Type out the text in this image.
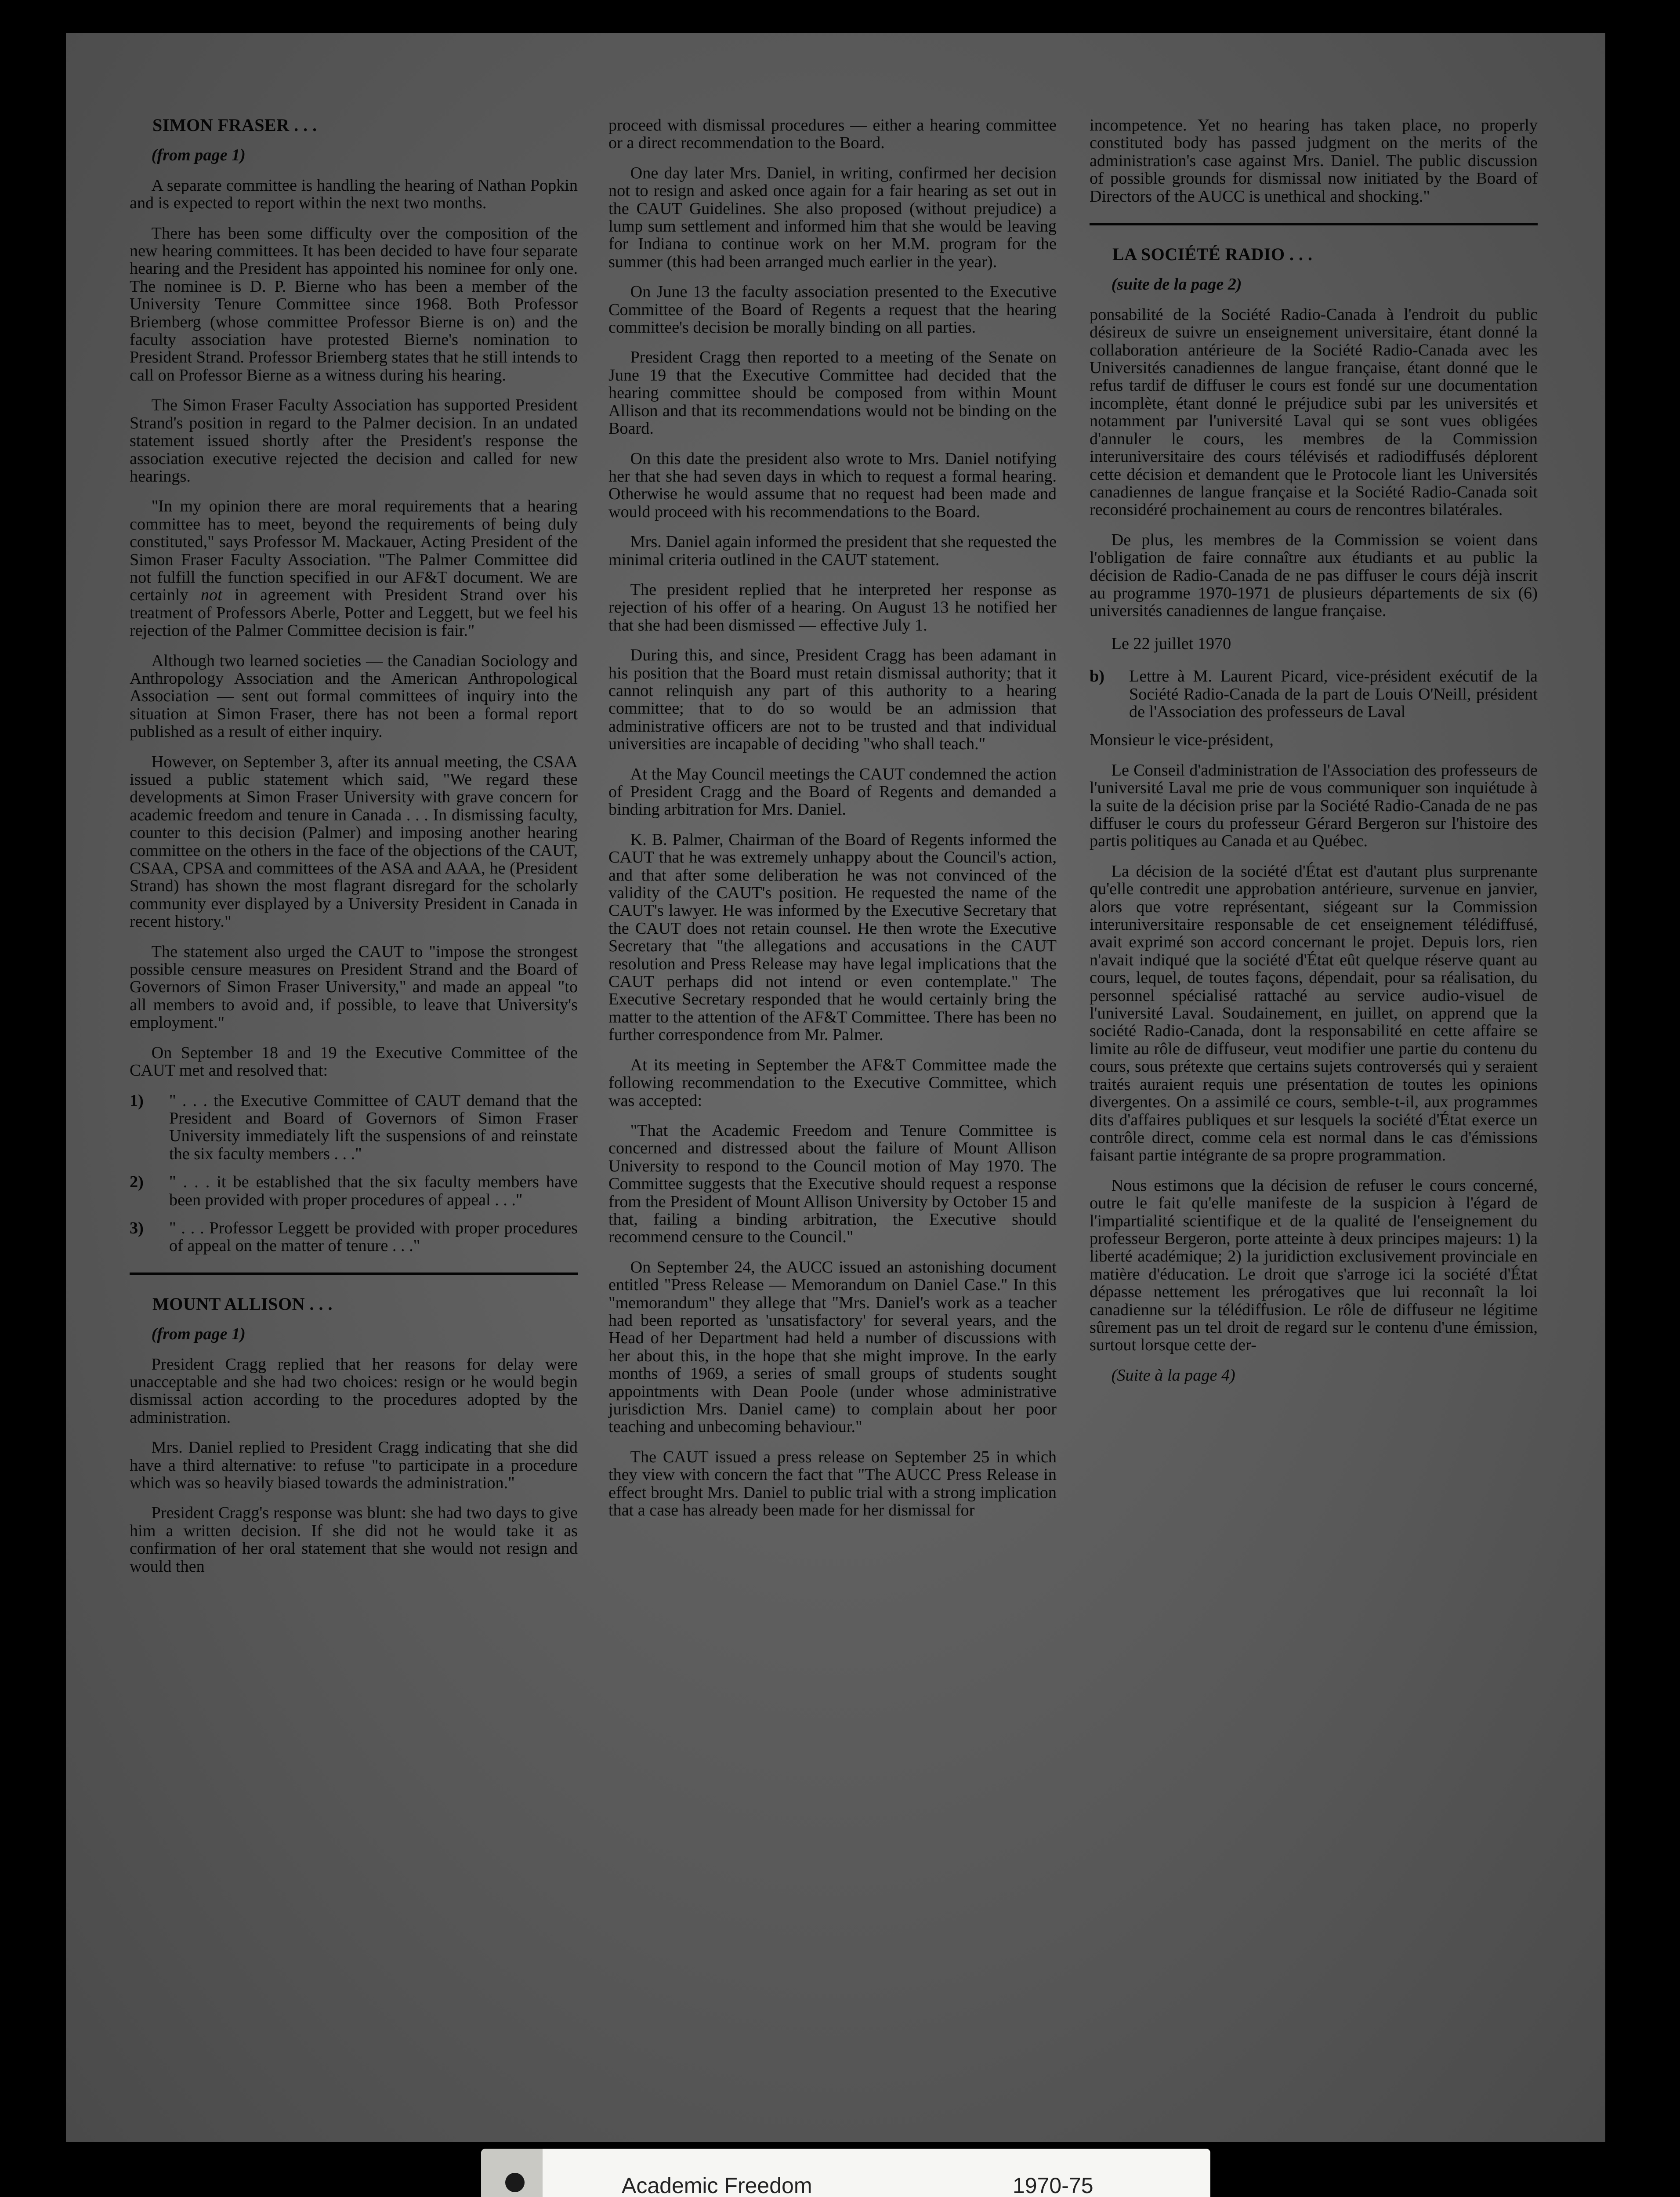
SIMON FRASER . . .

(from page 1)

A separate committee is handling the hearing of Nathan Popkin and is expected to report within the next two months.

There has been some difficulty over the composition of the new hearing committees. It has been decided to have four separate hearing and the President has appointed his nominee for only one. The nominee is D. P. Bierne who has been a member of the University Tenure Committee since 1968. Both Professor Briemberg (whose committee Professor Bierne is on) and the faculty association have protested Bierne's nomination to President Strand. Professor Briemberg states that he still intends to call on Professor Bierne as a witness during his hearing.

The Simon Fraser Faculty Association has supported President Strand's position in regard to the Palmer decision. In an undated statement issued shortly after the President's response the association executive rejected the decision and called for new hearings.

"In my opinion there are moral requirements that a hearing committee has to meet, beyond the requirements of being duly constituted," says Professor M. Mackauer, Acting President of the Simon Fraser Faculty Association. "The Palmer Committee did not fulfill the function specified in our AF&T document. We are certainly not in agreement with President Strand over his treatment of Professors Aberle, Potter and Leggett, but we feel his rejection of the Palmer Committee decision is fair."

Although two learned societies — the Canadian Sociology and Anthropology Association and the American Anthropological Association — sent out formal committees of inquiry into the situation at Simon Fraser, there has not been a formal report published as a result of either inquiry.

However, on September 3, after its annual meeting, the CSAA issued a public statement which said, "We regard these developments at Simon Fraser University with grave concern for academic freedom and tenure in Canada . . . In dismissing faculty, counter to this decision (Palmer) and imposing another hearing committee on the others in the face of the objections of the CAUT, CSAA, CPSA and committees of the ASA and AAA, he (President Strand) has shown the most flagrant disregard for the scholarly community ever displayed by a University President in Canada in recent history."

The statement also urged the CAUT to "impose the strongest possible censure measures on President Strand and the Board of Governors of Simon Fraser University," and made an appeal "to all members to avoid and, if possible, to leave that University's employment."

On September 18 and 19 the Executive Committee of the CAUT met and resolved that:

1)	" . . . the Executive Committee of CAUT demand that the President and Board of Governors of Simon Fraser University immediately lift the suspensions of and reinstate the six faculty members . . ."
2)	" . . . it be established that the six faculty members have been provided with proper procedures of appeal . . ."
3)	" . . . Professor Leggett be provided with proper procedures of appeal on the matter of tenure . . ."

MOUNT ALLISON . . .

(from page 1)

President Cragg replied that her reasons for delay were unacceptable and she had two choices: resign or he would begin dismissal action according to the procedures adopted by the administration.

Mrs. Daniel replied to President Cragg indicating that she did have a third alternative: to refuse "to participate in a procedure which was so heavily biased towards the administration."

President Cragg's response was blunt: she had two days to give him a written decision. If she did not he would take it as confirmation of her oral statement that she would not resign and would then

proceed with dismissal procedures — either a hearing committee or a direct recommendation to the Board.

One day later Mrs. Daniel, in writing, confirmed her decision not to resign and asked once again for a fair hearing as set out in the CAUT Guidelines. She also proposed (without prejudice) a lump sum settlement and informed him that she would be leaving for Indiana to continue work on her M.M. program for the summer (this had been arranged much earlier in the year).

On June 13 the faculty association presented to the Executive Committee of the Board of Regents a request that the hearing committee's decision be morally binding on all parties.

President Cragg then reported to a meeting of the Senate on June 19 that the Executive Committee had decided that the hearing committee should be composed from within Mount Allison and that its recommendations would not be binding on the Board.

On this date the president also wrote to Mrs. Daniel notifying her that she had seven days in which to request a formal hearing. Otherwise he would assume that no request had been made and would proceed with his recommendations to the Board.

Mrs. Daniel again informed the president that she requested the minimal criteria outlined in the CAUT statement.

The president replied that he interpreted her response as rejection of his offer of a hearing. On August 13 he notified her that she had been dismissed — effective July 1.

During this, and since, President Cragg has been adamant in his position that the Board must retain dismissal authority; that it cannot relinquish any part of this authority to a hearing committee; that to do so would be an admission that administrative officers are not to be trusted and that individual universities are incapable of deciding "who shall teach."

At the May Council meetings the CAUT condemned the action of President Cragg and the Board of Regents and demanded a binding arbitration for Mrs. Daniel.

K. B. Palmer, Chairman of the Board of Regents informed the CAUT that he was extremely unhappy about the Council's action, and that after some deliberation he was not convinced of the validity of the CAUT's position. He requested the name of the CAUT's lawyer. He was informed by the Executive Secretary that the CAUT does not retain counsel. He then wrote the Executive Secretary that "the allegations and accusations in the CAUT resolution and Press Release may have legal implications that the CAUT perhaps did not intend or even contemplate." The Executive Secretary responded that he would certainly bring the matter to the attention of the AF&T Committee. There has been no further correspondence from Mr. Palmer.

At its meeting in September the AF&T Committee made the following recommendation to the Executive Committee, which was accepted:

"That the Academic Freedom and Tenure Committee is concerned and distressed about the failure of Mount Allison University to respond to the Council motion of May 1970. The Committee suggests that the Executive should request a response from the President of Mount Allison University by October 15 and that, failing a binding arbitration, the Executive should recommend censure to the Council."

On September 24, the AUCC issued an astonishing document entitled "Press Release — Memorandum on Daniel Case." In this "memorandum" they allege that "Mrs. Daniel's work as a teacher had been reported as 'unsatisfactory' for several years, and the Head of her Department had held a number of discussions with her about this, in the hope that she might improve. In the early months of 1969, a series of small groups of students sought appointments with Dean Poole (under whose administrative jurisdiction Mrs. Daniel came) to complain about her poor teaching and unbecoming behaviour."

The CAUT issued a press release on September 25 in which they view with concern the fact that "The AUCC Press Release in effect brought Mrs. Daniel to public trial with a strong implication that a case has already been made for her dismissal for

incompetence. Yet no hearing has taken place, no properly constituted body has passed judgment on the merits of the administration's case against Mrs. Daniel. The public discussion of possible grounds for dismissal now initiated by the Board of Directors of the AUCC is unethical and shocking."

LA SOCIÉTÉ RADIO . . .

(suite de la page 2)

ponsabilité de la Société Radio-Canada à l'endroit du public désireux de suivre un enseignement universitaire, étant donné la collaboration antérieure de la Société Radio-Canada avec les Universités canadiennes de langue française, étant donné que le refus tardif de diffuser le cours est fondé sur une documentation incomplète, étant donné le préjudice subi par les universités et notamment par l'université Laval qui se sont vues obligées d'annuler le cours, les membres de la Commission interuniversitaire des cours télévisés et radiodiffusés déplorent cette décision et demandent que le Protocole liant les Universités canadiennes de langue française et la Société Radio-Canada soit reconsidéré prochainement au cours de rencontres bilatérales.

De plus, les membres de la Commission se voient dans l'obligation de faire connaître aux étudiants et au public la décision de Radio-Canada de ne pas diffuser le cours déjà inscrit au programme 1970-1971 de plusieurs départements de six (6) universités canadiennes de langue française.

Le 22 juillet 1970

b)	Lettre à M. Laurent Picard, vice-président exécutif de la Société Radio-Canada de la part de Louis O'Neill, président de l'Association des professeurs de Laval

Monsieur le vice-président,

Le Conseil d'administration de l'Association des professeurs de l'université Laval me prie de vous communiquer son inquiétude à la suite de la décision prise par la Société Radio-Canada de ne pas diffuser le cours du professeur Gérard Bergeron sur l'histoire des partis politiques au Canada et au Québec.

La décision de la société d'État est d'autant plus surprenante qu'elle contredit une approbation antérieure, survenue en janvier, alors que votre représentant, siégeant sur la Commission interuniversitaire responsable de cet enseignement télédiffusé, avait exprimé son accord concernant le projet. Depuis lors, rien n'avait indiqué que la société d'État eût quelque réserve quant au cours, lequel, de toutes façons, dépendait, pour sa réalisation, du personnel spécialisé rattaché au service audio-visuel de l'université Laval. Soudainement, en juillet, on apprend que la société Radio-Canada, dont la responsabilité en cette affaire se limite au rôle de diffuseur, veut modifier une partie du contenu du cours, sous prétexte que certains sujets controversés qui y seraient traités auraient requis une présentation de toutes les opinions divergentes. On a assimilé ce cours, semble-t-il, aux programmes dits d'affaires publiques et sur lesquels la société d'État exerce un contrôle direct, comme cela est normal dans le cas d'émissions faisant partie intégrante de sa propre programmation.

Nous estimons que la décision de refuser le cours concerné, outre le fait qu'elle manifeste de la suspicion à l'égard de l'impartialité scientifique et de la qualité de l'enseignement du professeur Bergeron, porte atteinte à deux principes majeurs: 1) la liberté académique; 2) la juridiction exclusivement provinciale en matière d'éducation. Le droit que s'arroge ici la société d'État dépasse nettement les prérogatives que lui reconnaît la loi canadienne sur la télédiffusion. Le rôle de diffuseur ne légitime sûrement pas un tel droit de regard sur le contenu d'une émission, surtout lorsque cette der-

(Suite à la page 4)

Academic Freedom	1970-75
